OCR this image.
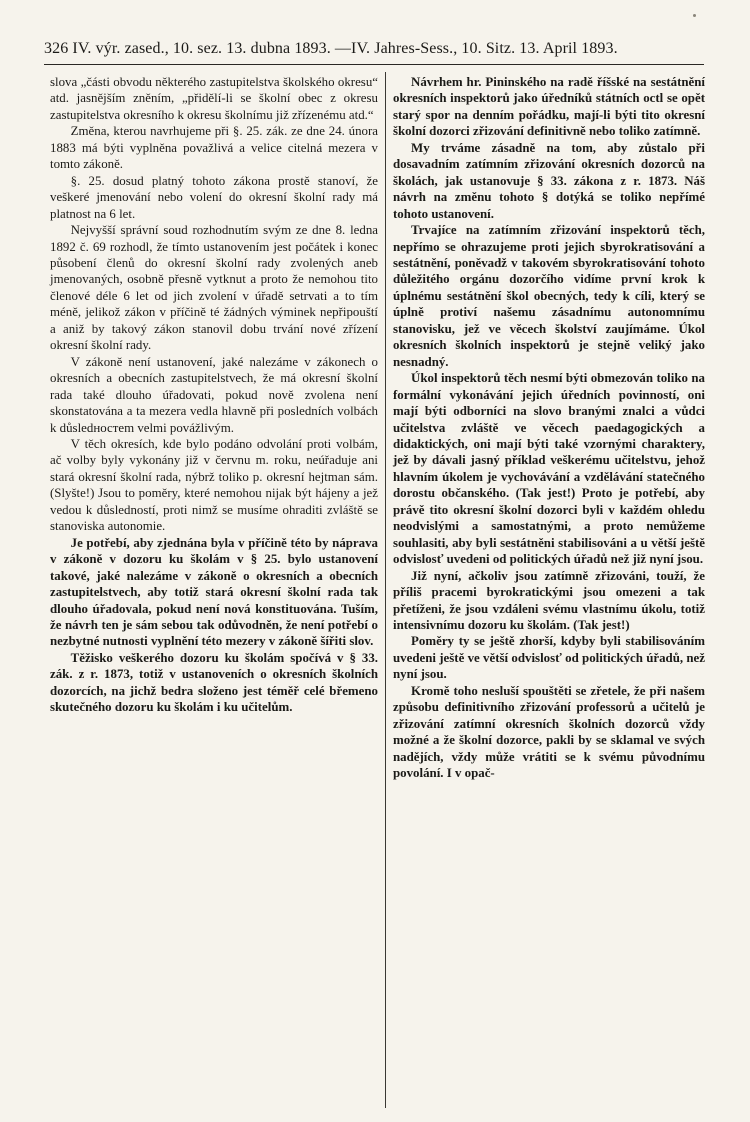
326 IV. výr. zased., 10. sez. 13. dubna 1893. —IV. Jahres-Sess., 10. Sitz. 13. April 1893.

slova „části obvodu některého zastupitelstva školského okresu“ atd. jasnějším zněním, „přidělí-li se školní obec z okresu zastupitelstva okresního k okresu školnímu již zřízenému atd.“

Změna, kterou navrhujeme při §. 25. zák. ze dne 24. února 1883 má býti vyplněna považlivá a velice citelná mezera v tomto zákoně.

§. 25. dosud platný tohoto zákona prostě stanoví, že veškeré jmenování nebo volení do okresní školní rady má platnost na 6 let.

Nejvyšší správní soud rozhodnutím svým ze dne 8. ledna 1892 č. 69 rozhodl, že tímto ustanovením jest počátek i konec působení členů do okresní školní rady zvolených aneb jmenovaných, osobně přesně vytknut a proto že nemohou tito členové déle 6 let od jich zvolení v úřadě setrvati a to tím méně, jelikož zákon v příčině té žádných výminek nepřipouští a aniž by takový zákon stanovil dobu trvání nové zřízení okresní školní rady.

V zákoně není ustanovení, jaké nalezáme v zákonech o okresních a obecních zastupitelstvech, že má okresní školní rada také dlouho úřadovati, pokud nově zvolena není skonstatována a ta mezera vedla hlavně při posledních volbách k důsledностem velmi povážlivým.

V těch okresích, kde bylo podáno odvolání proti volbám, ač volby byly vykonány již v červnu m. roku, neúřaduje ani stará okresní školní rada, nýbrž toliko p. okresní hejtman sám. (Slyšte!) Jsou to poměry, které nemohou nijak být hájeny a jež vedou k důsledností, proti nimž se musíme ohraditi zvláště se stanoviska autonomie.

Je potřebí, aby zjednána byla v příčině této by náprava v zákoně v dozoru ku školám v § 25. bylo ustanovení takové, jaké nalezáme v zákoně o okresních a obecních zastupitelstvech, aby totiž stará okresní školní rada tak dlouho úřadovala, pokud není nová konstituována. Tuším, že návrh ten je sám sebou tak odůvodněn, že není potřebí o nezbytné nutnosti vyplnění této mezery v zákoně šířiti slov.

Těžisko veškerého dozoru ku školám spočívá v § 33. zák. z r. 1873, totiž v ustanoveních o okresních školních dozorcích, na jichž bedra složeno jest téměř celé břemeno skutečného dozoru ku školám i ku učitelům.

Návrhem hr. Pininského na radě říšské na sestátnění okresních inspektorů jako úředníků státních octl se opět starý spor na denním pořádku, mají-li býti tito okresní školní dozorci zřizování definitivně nebo toliko zatímně.

My trváme zásadně na tom, aby zůstalo při dosavadním zatímním zřizování okresních dozorců na školách, jak ustanovuje § 33. zákona z r. 1873. Náš návrh na změnu tohoto § dotýká se toliko nepřímé tohoto ustanovení.

Trvajíce na zatímním zřizování inspektorů těch, nepřímo se ohrazujeme proti jejich sbyrokratisování a sestátnění, poněvadž v takovém sbyrokratisování tohoto důležitého orgánu dozorčího vidíme první krok k úplnému sestátnění škol obecných, tedy k cíli, který se úplně protiví našemu zásadnímu autonomnímu stanovisku, jež ve věcech školství zaujímáme. Úkol okresních školních inspektorů je stejně veliký jako nesnadný.

Úkol inspektorů těch nesmí býti obmezován toliko na formální vykonávání jejich úředních povinností, oni mají býti odborníci na slovo branými znalci a vůdci učitelstva zvláště ve věcech paedagogických a didaktických, oni mají býti také vzornými charaktery, jež by dávali jasný příklad veškerému učitelstvu, jehož hlavním úkolem je vychovávání a vzdělávání statečného dorostu občanského. (Tak jest!) Proto je potřebí, aby právě tito okresní školní dozorci byli v každém ohledu neodvislými a samostatnými, a proto nemůžeme souhlasiti, aby byli sestátněni stabilisováni a u větší ještě odvislosť uvedeni od politických úřadů než již nyní jsou.

Již nyní, ačkoliv jsou zatímně zřizováni, touží, že příliš pracemi byrokratickými jsou omezeni a tak přetíženi, že jsou vzdáleni svému vlastnímu úkolu, totiž intensivnímu dozoru ku školám. (Tak jest!)

Poměry ty se ještě zhorší, kdyby byli stabilisováním uvedeni ještě ve větší odvislosť od politických úřadů, než nyní jsou.

Kromě toho nesluší spouštěti se zřetele, že při našem způsobu definitivního zřizování professorů a učitelů je zřizování zatímní okresních školních dozorců vždy možné a že školní dozorce, pakli by se sklamal ve svých nadějích, vždy může vrátiti se k svému původnímu povolání. I v opač-
